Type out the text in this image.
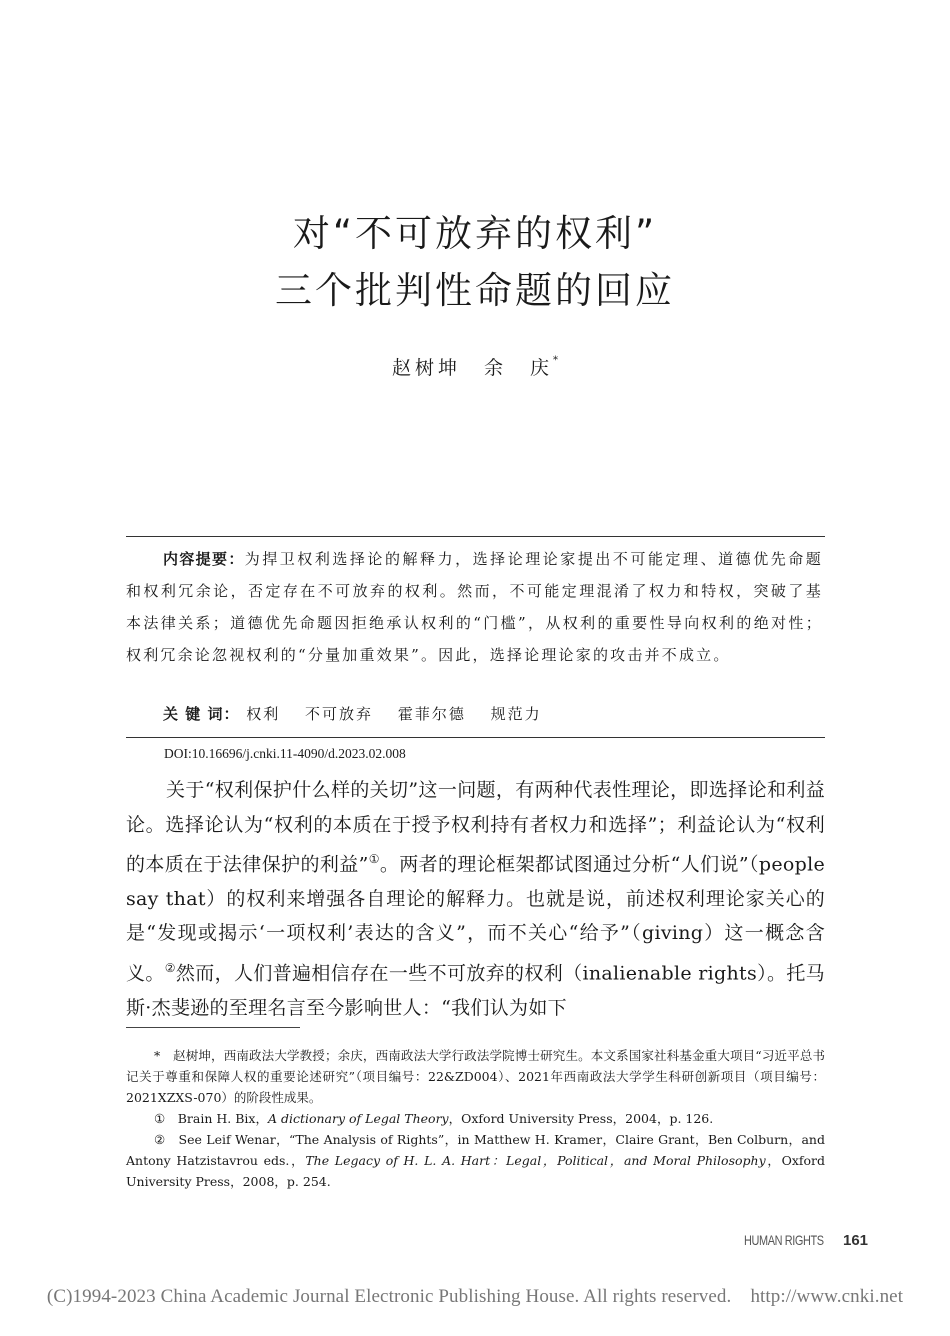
对“不可放弃的权利”
三个批判性命题的回应
赵树坤　余　庆*
内容提要：为捍卫权利选择论的解释力，选择论理论家提出不可能定理、道德优先命题和权利冗余论，否定存在不可放弃的权利。然而，不可能定理混淆了权力和特权，突破了基本法律关系；道德优先命题因拒绝承认权利的“门槛”，从权利的重要性导向权利的绝对性；权利冗余论忽视权利的“分量加重效果”。因此，选择论理论家的攻击并不成立。
关 键 词： 权利 不可放弃 霍菲尔德 规范力
DOI:10.16696/j.cnki.11-4090/d.2023.02.008
关于“权利保护什么样的关切”这一问题，有两种代表性理论，即选择论和利益论。选择论认为“权利的本质在于授予权利持有者权力和选择”；利益论认为“权利的本质在于法律保护的利益”①。两者的理论框架都试图通过分析“人们说”（people say that）的权利来增强各自理论的解释力。也就是说，前述权利理论家关心的是“发现或揭示‘一项权利’表达的含义”，而不关心“给予”（giving）这一概念含义。②然而，人们普遍相信存在一些不可放弃的权利（inalienable rights）。托马斯·杰斐逊的至理名言至今影响世人：“我们认为如下

*　 赵树坤，西南政法大学教授；余庆，西南政法大学行政法学院博士研究生。本文系国家社科基金重大项目“习近平总书记关于尊重和保障人权的重要论述研究”（项目编号：22&ZD004）、2021年西南政法大学学生科研创新项目（项目编号：2021XZXS-070）的阶段性成果。

①　 Brain H. Bix，A dictionary of Legal Theory，Oxford University Press，2004，p. 126.

②　 See Leif Wenar，“The Analysis of Rights”，in Matthew H. Kramer，Claire Grant，Ben Colburn，and Antony Hatzistavrou eds.，The Legacy of H. L. A. Hart：Legal，Political，and Moral Philosophy，Oxford University Press，2008，p. 254.

HUMAN RIGHTS 161
(C)1994-2023 China Academic Journal Electronic Publishing House. All rights reserved.　http://www.cnki.net
